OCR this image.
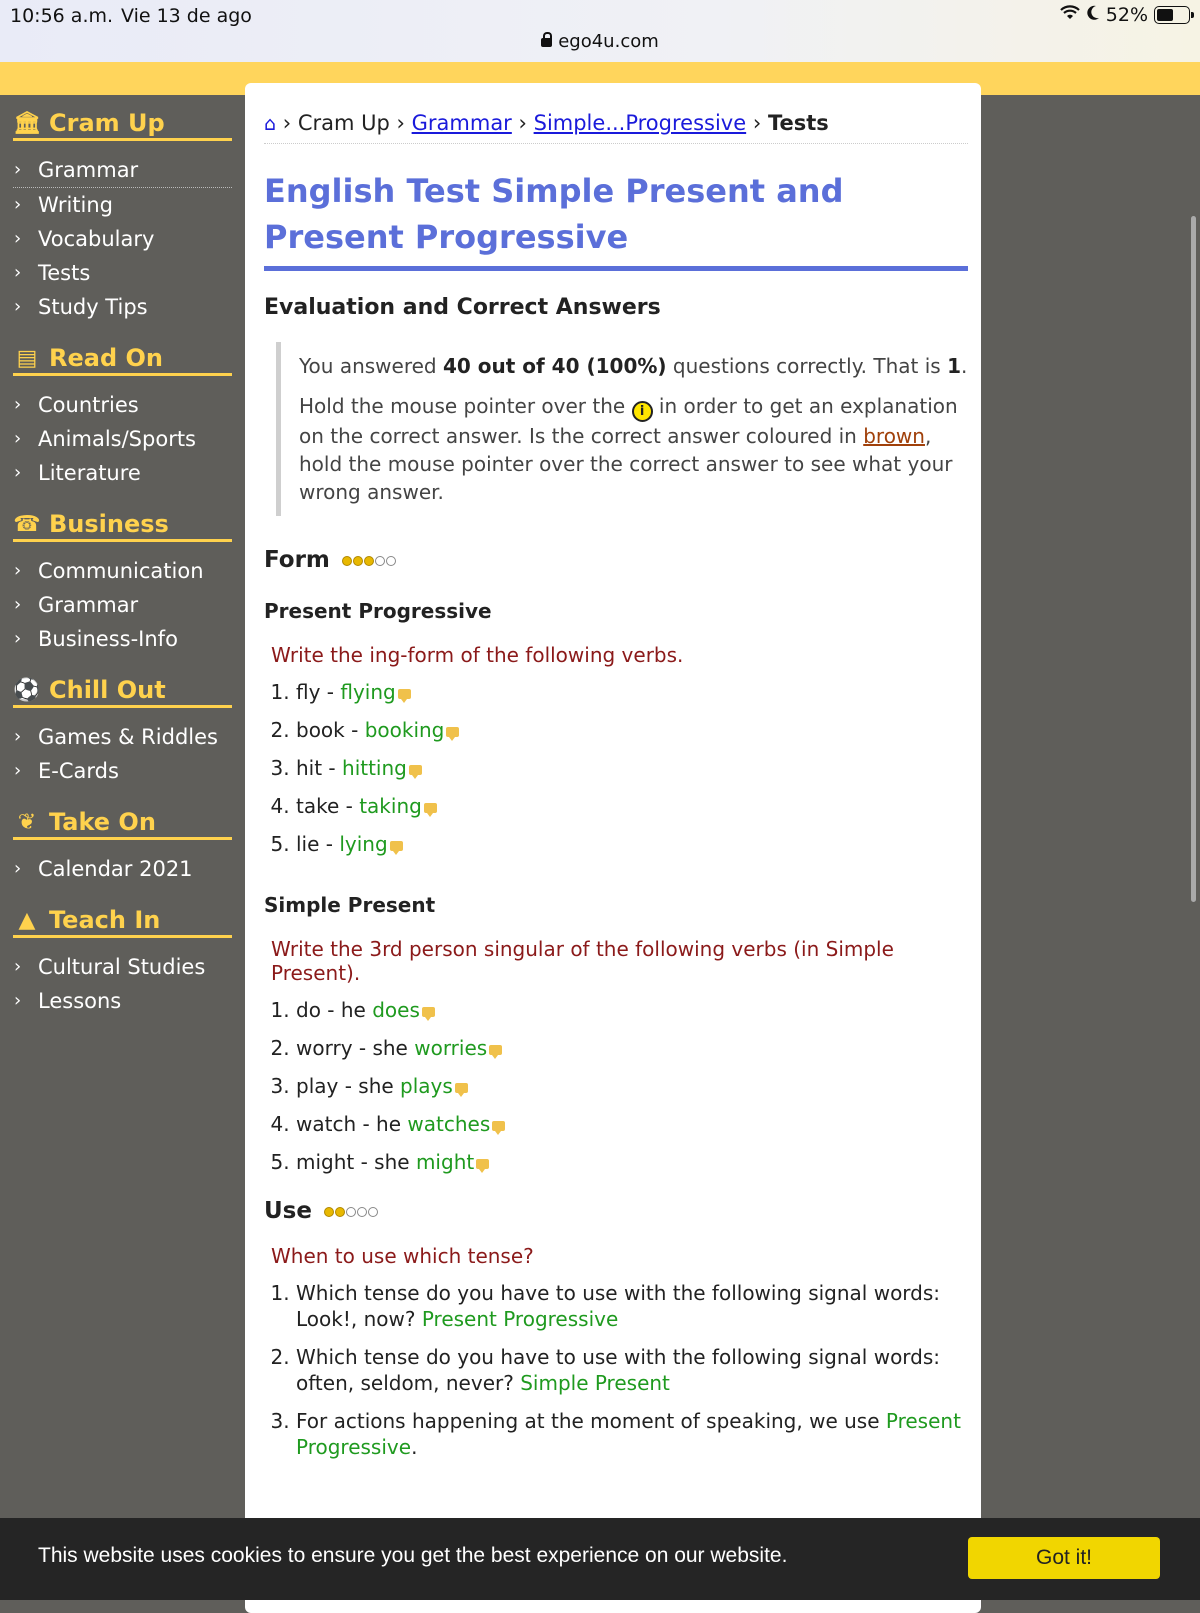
10:56 a.m. Vie 13 de ago
ego4u.com
52%
🏛 Cram Up
› Grammar
› Writing
› Vocabulary
› Tests
› Study Tips
▤ Read On
› Countries
› Animals/Sports
› Literature
☎ Business
› Communication
› Grammar
› Business-Info
⚽ Chill Out
› Games & Riddles
› E-Cards
❦ Take On
› Calendar 2021
▲ Teach In
› Cultural Studies
› Lessons
⌂ › Cram Up › Grammar › Simple...Progressive › Tests
English Test Simple Present and Present Progressive
Evaluation and Correct Answers

You answered 40 out of 40 (100%) questions correctly. That is 1.

Hold the mouse pointer over the i in order to get an explanation on the correct answer. Is the correct answer coloured in brown, hold the mouse pointer over the correct answer to see what your wrong answer.

Form
Present Progressive
Write the ing-form of the following verbs.
1. fly - flying
2. book - booking
3. hit - hitting
4. take - taking
5. lie - lying
Simple Present
Write the 3rd person singular of the following verbs (in Simple Present).
1. do - he does
2. worry - she worries
3. play - she plays
4. watch - he watches
5. might - she might
Use
When to use which tense?
1. Which tense do you have to use with the following signal words: Look!, now? Present Progressive
2. Which tense do you have to use with the following signal words: often, seldom, never? Simple Present
3. For actions happening at the moment of speaking, we use Present Progressive.
This website uses cookies to ensure you get the best experience on our website.	Got it!
